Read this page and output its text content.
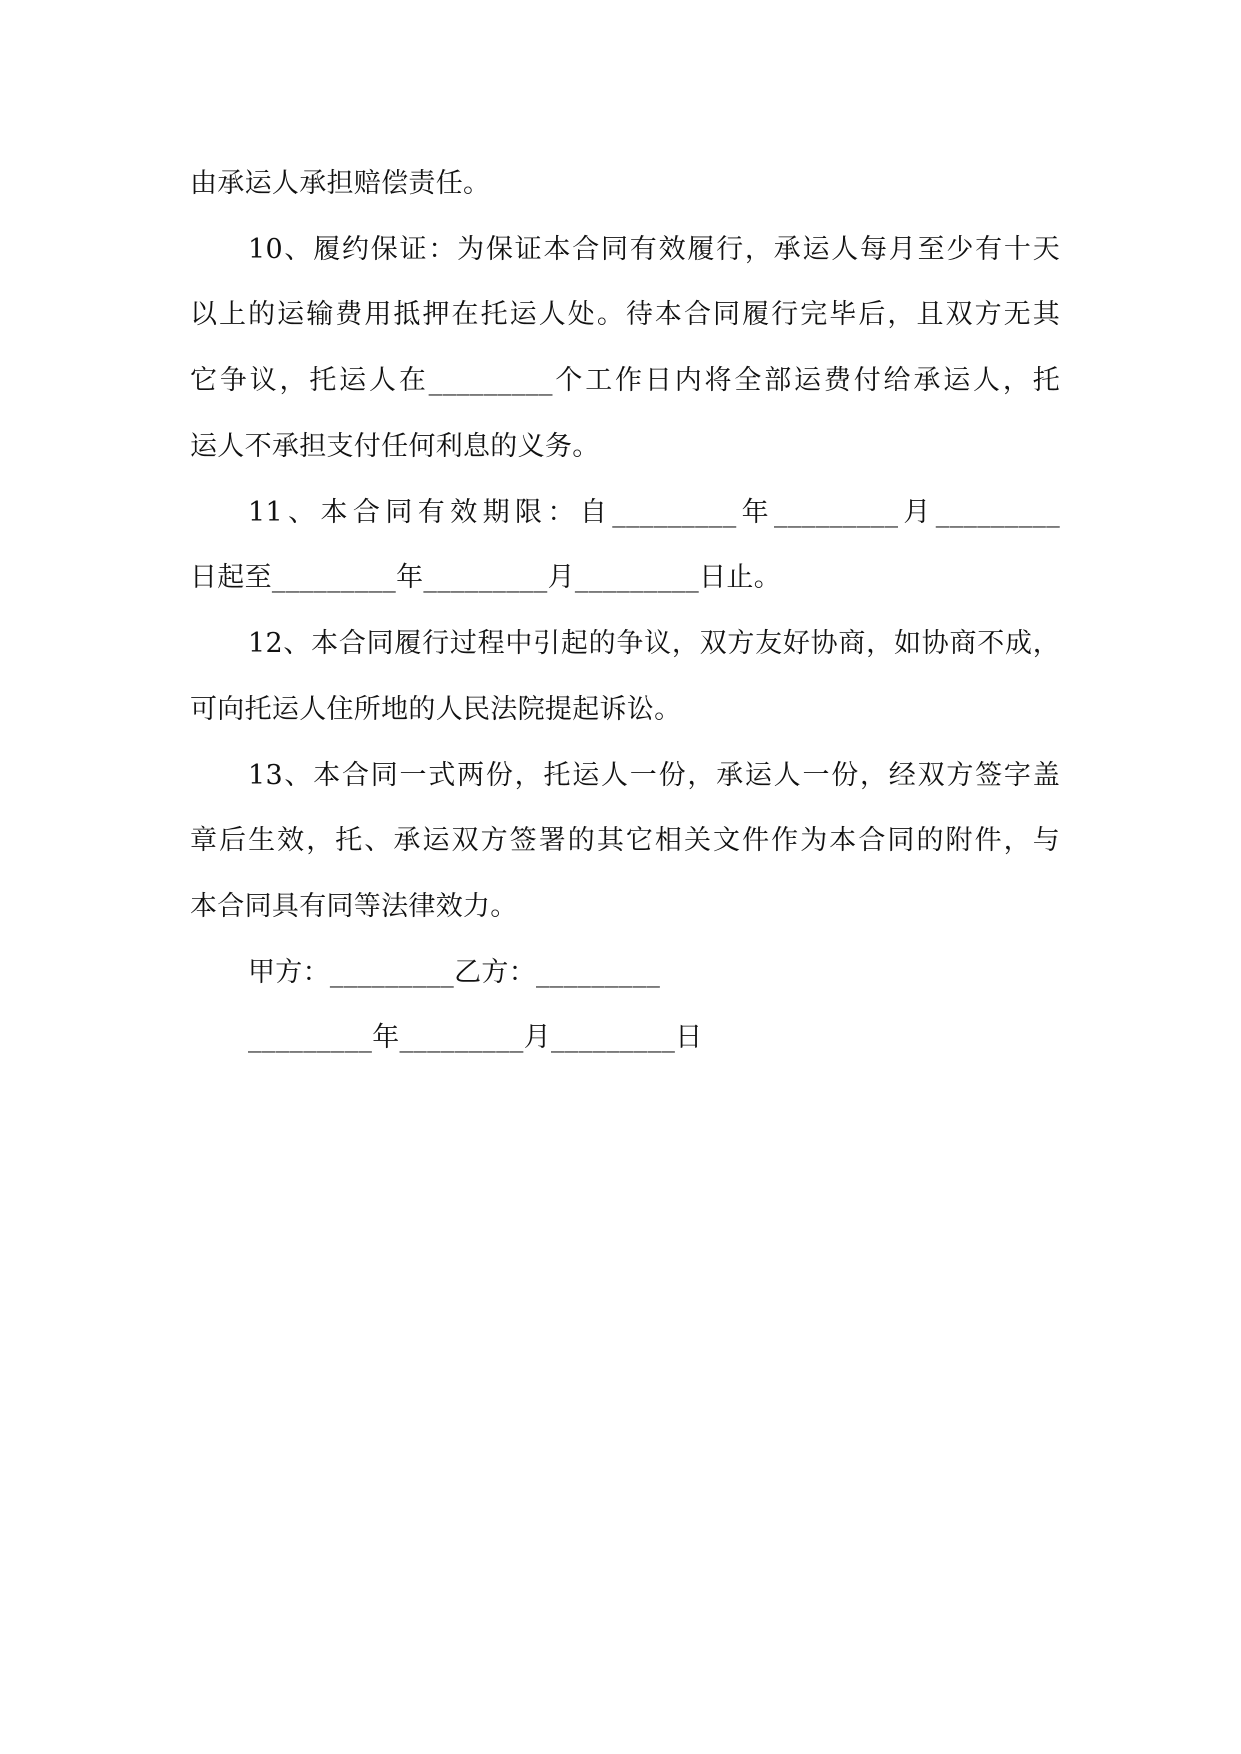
由承运人承担赔偿责任。
10、履约保证：为保证本合同有效履行，承运人每月至少有十天
以上的运输费用抵押在托运人处。待本合同履行完毕后，且双方无其
它争议，托运人在_________个工作日内将全部运费付给承运人，托
运人不承担支付任何利息的义务。
11、本合同有效期限：自_________年_________月_________
日起至_________年_________月_________日止。
12、本合同履行过程中引起的争议，双方友好协商，如协商不成，
可向托运人住所地的人民法院提起诉讼。
13、本合同一式两份，托运人一份，承运人一份，经双方签字盖
章后生效，托、承运双方签署的其它相关文件作为本合同的附件，与
本合同具有同等法律效力。
甲方：_________乙方：_________
_________年_________月_________日
